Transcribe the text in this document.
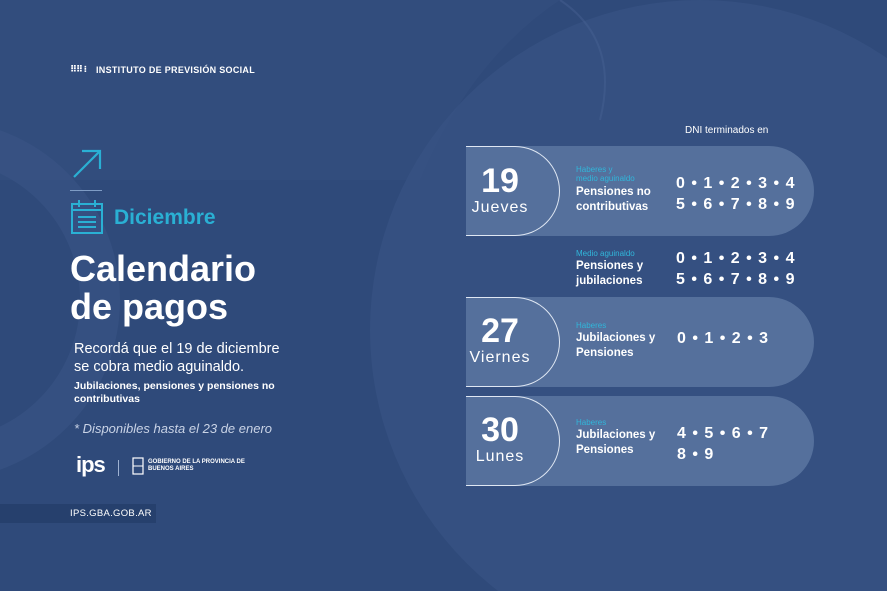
⠿⠿ ⁝ INSTITUTO DE PREVISIÓN SOCIAL
Diciembre
Calendario
de pagos
Recordá que el 19 de diciembre
se cobra medio aguinaldo.
Jubilaciones, pensiones y pensiones no contributivas
* Disponibles hasta el 23 de enero
ips	GOBIERNO DE LA PROVINCIA DE
BUENOS AIRES
IPS.GBA.GOB.AR
DNI terminados en
19
Jueves
Haberes y
medio aguinaldo
Pensiones no
contributivas
0 • 1 • 2 • 3 • 4
5 • 6 • 7 • 8 • 9
Medio aguinaldo
Pensiones y
jubilaciones
0 • 1 • 2 • 3 • 4
5 • 6 • 7 • 8 • 9
27
Viernes
Haberes
Jubilaciones y
Pensiones
0 • 1 • 2 • 3
30
Lunes
Haberes
Jubilaciones y
Pensiones
4 • 5 • 6 • 7
8 • 9
